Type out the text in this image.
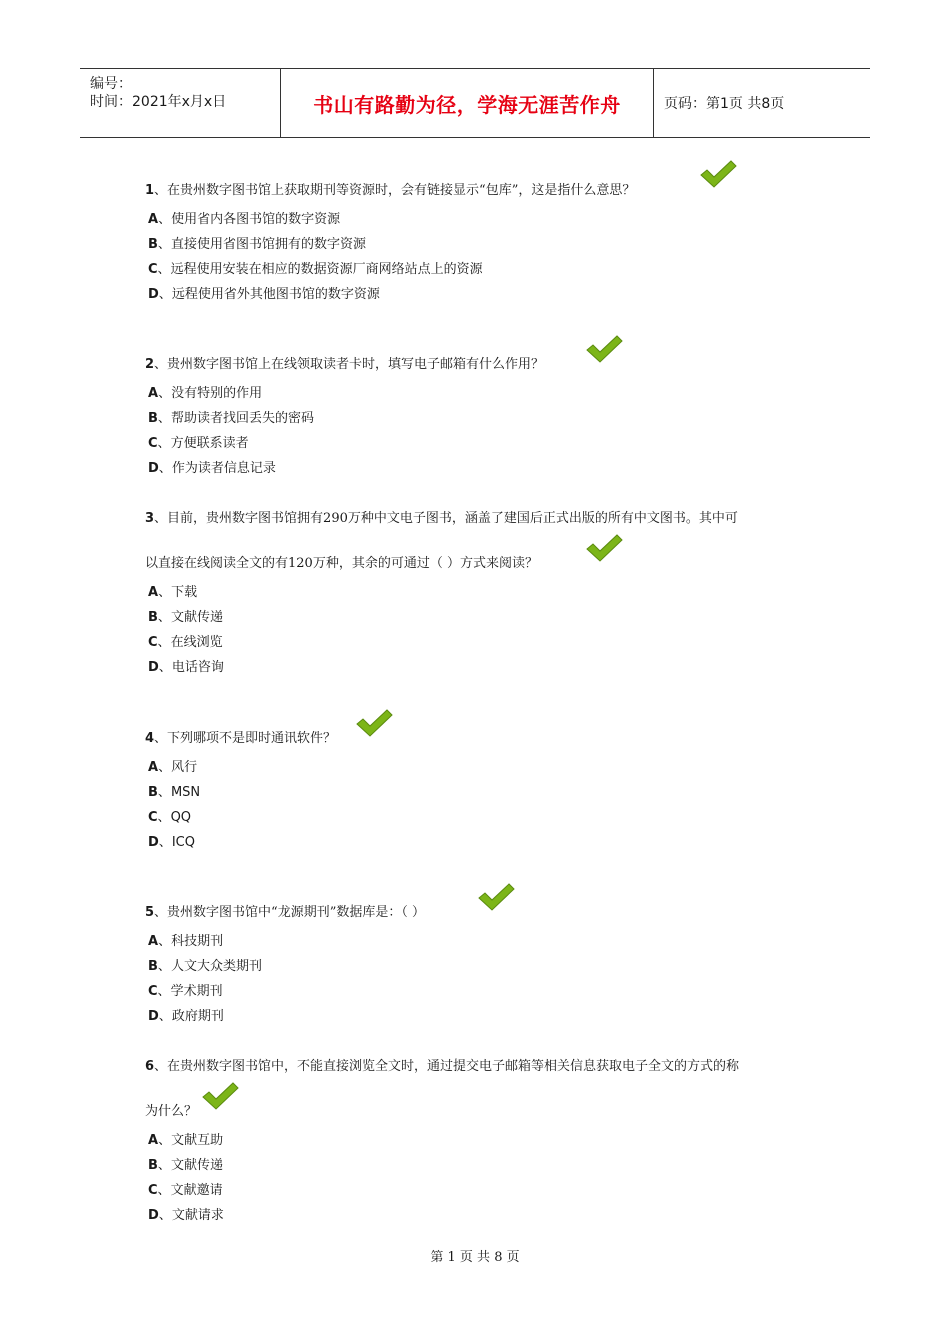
编号：
时间：2021年x月x日	书山有路勤为径，学海无涯苦作舟	页码：第1页 共8页
1、在贵州数字图书馆上获取期刊等资源时，会有链接显示“包库”，这是指什么意思？
A、使用省内各图书馆的数字资源
B、直接使用省图书馆拥有的数字资源
C、远程使用安装在相应的数据资源厂商网络站点上的资源
D、远程使用省外其他图书馆的数字资源
2、贵州数字图书馆上在线领取读者卡时，填写电子邮箱有什么作用？
A、没有特别的作用
B、帮助读者找回丢失的密码
C、方便联系读者
D、作为读者信息记录
3、目前，贵州数字图书馆拥有290万种中文电子图书，涵盖了建国后正式出版的所有中文图书。其中可
以直接在线阅读全文的有120万种，其余的可通过（ ）方式来阅读？
A、下载
B、文献传递
C、在线浏览
D、电话咨询
4、下列哪项不是即时通讯软件？
A、风行
B、MSN
C、QQ
D、ICQ
5、贵州数字图书馆中“龙源期刊”数据库是：（ ）
A、科技期刊
B、人文大众类期刊
C、学术期刊
D、政府期刊
6、在贵州数字图书馆中，不能直接浏览全文时，通过提交电子邮箱等相关信息获取电子全文的方式的称
为什么？
A、文献互助
B、文献传递
C、文献邀请
D、文献请求
第 1 页 共 8 页
